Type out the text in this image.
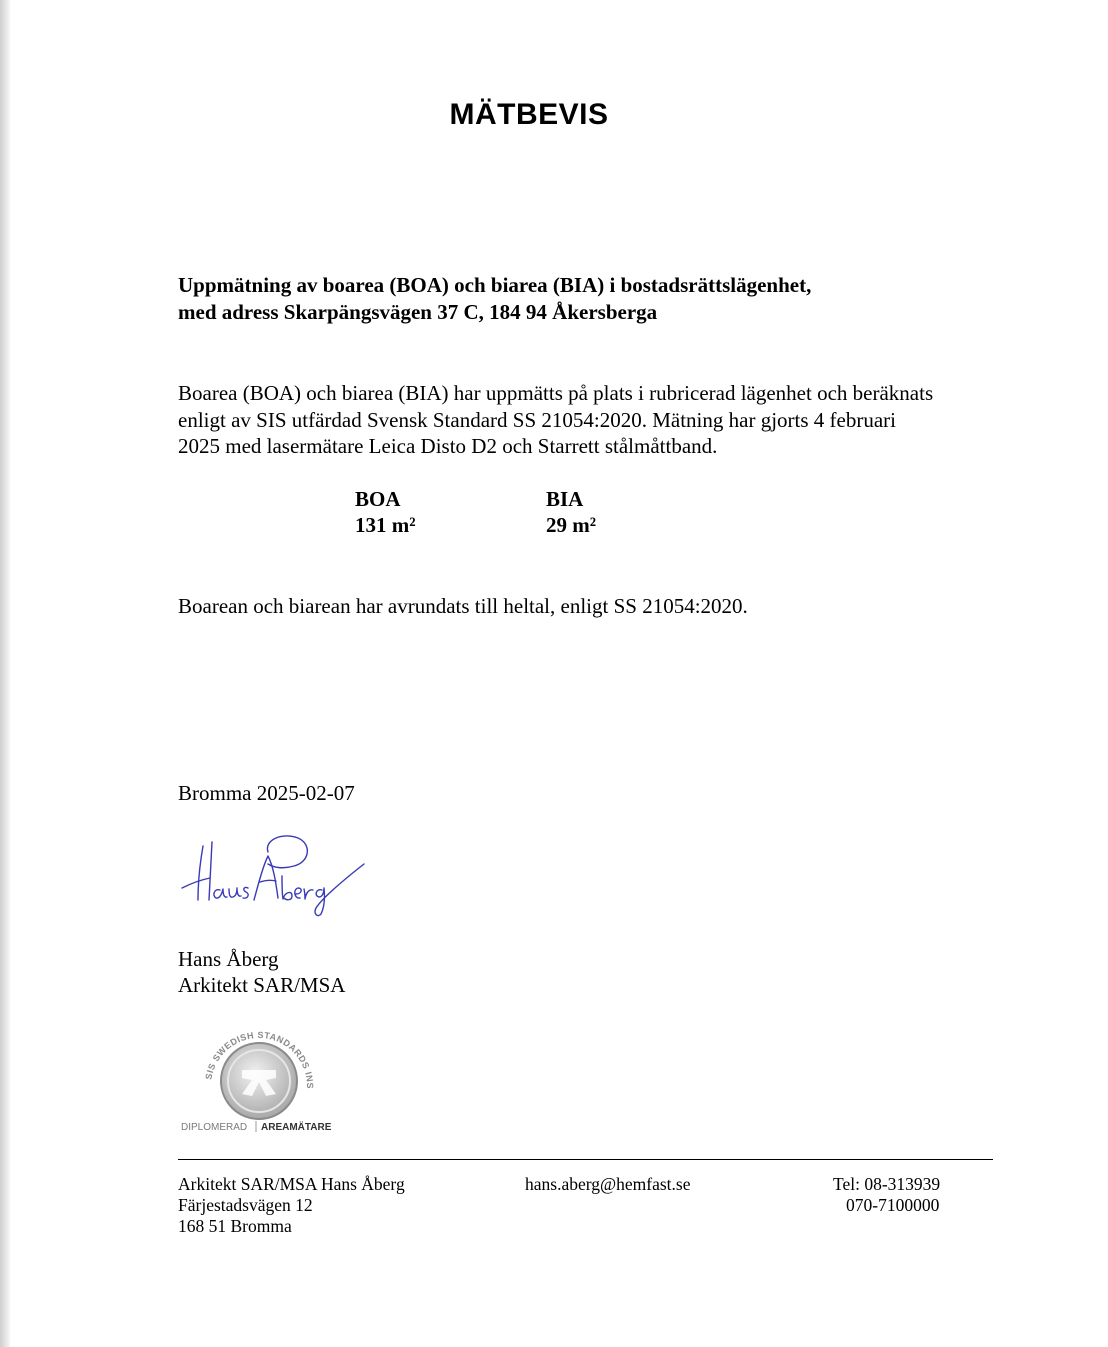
MÄTBEVIS
Uppmätning av boarea (BOA) och biarea (BIA) i bostadsrättslägenhet,
med adress Skarpängsvägen 37 C, 184 94 Åkersberga
Boarea (BOA) och biarea (BIA) har uppmätts på plats i rubricerad lägenhet och beräknats
enligt av SIS utfärdad Svensk Standard SS 21054:2020. Mätning har gjorts 4 februari
2025 med lasermätare Leica Disto D2 och Starrett stålmåttband.
BOA
131 m²
BIA
29 m²
Boarean och biarean har avrundats till heltal, enligt SS 21054:2020.
Bromma 2025-02-07
Hans Åberg
Arkitekt SAR/MSA
SIS SWEDISH STANDARDS INS
DIPLOMERAD AREAMÄTARE
Arkitekt SAR/MSA Hans Åberg
Färjestadsvägen 12
168 51 Bromma
hans.aberg@hemfast.se	Tel: 08-313939
070-7100000
